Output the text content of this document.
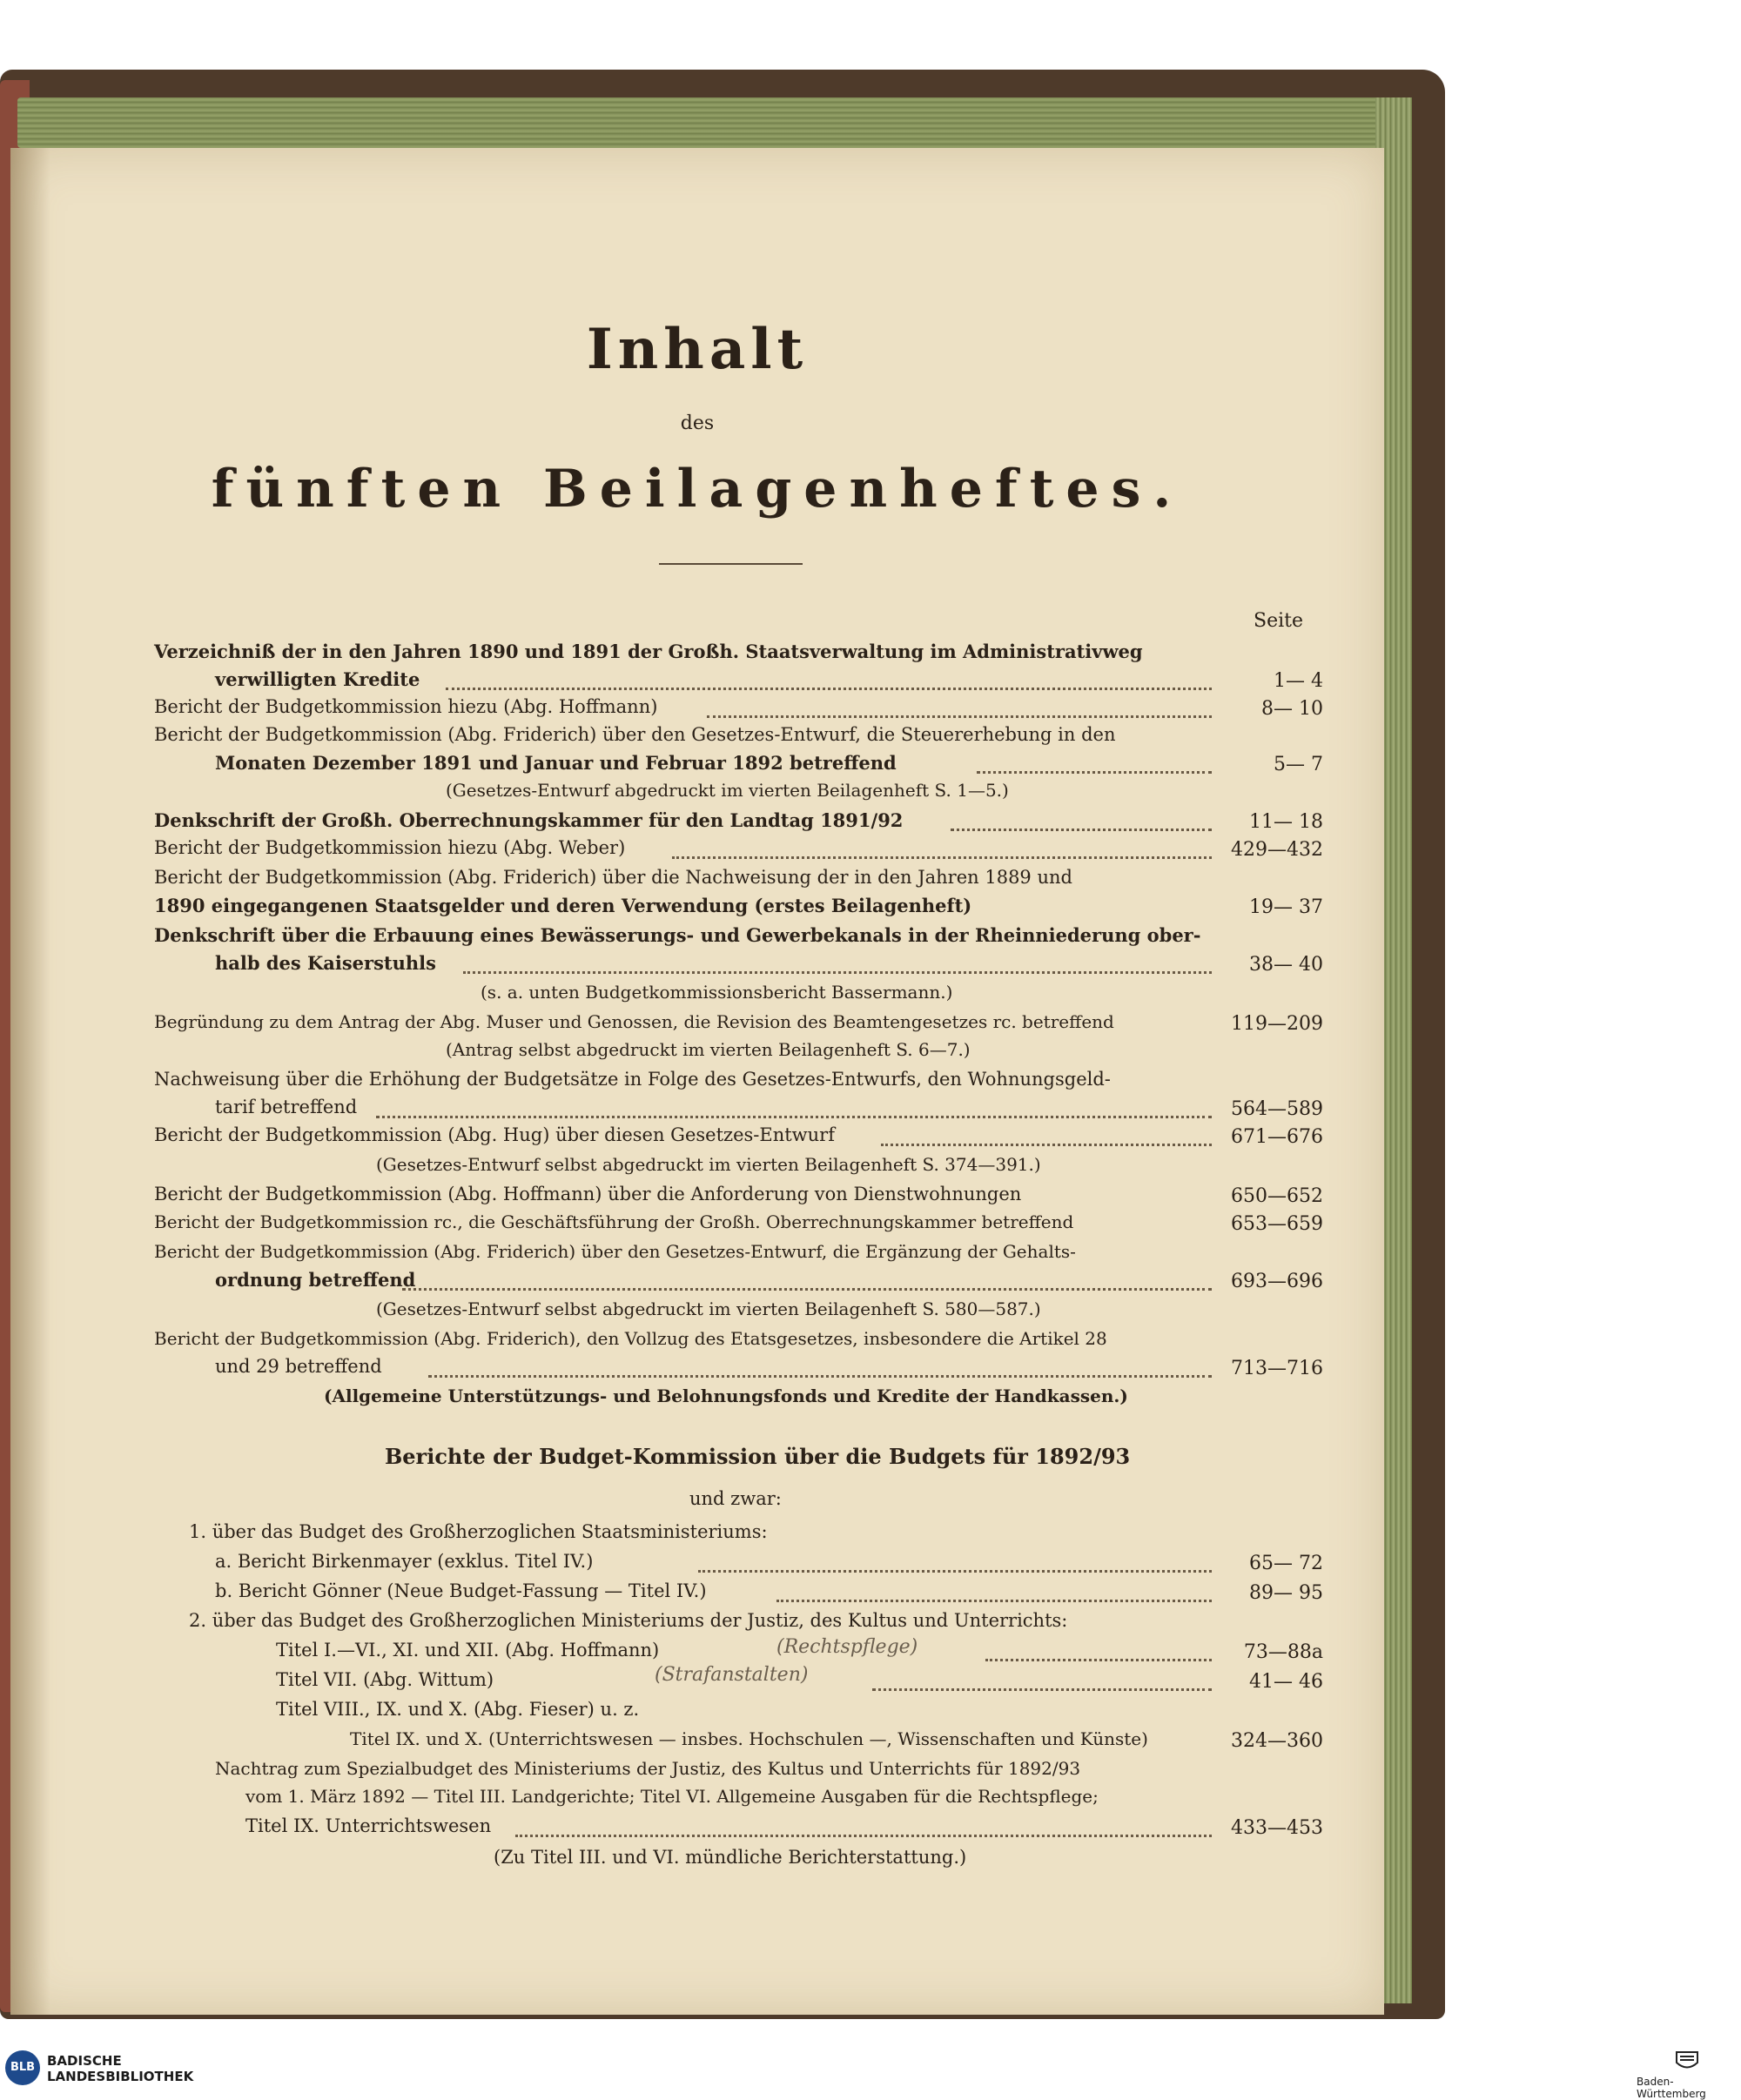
Inhalt
des
fünften Beilagenheftes.
Seite
Verzeichniß der in den Jahren 1890 und 1891 der Großh. Staatsverwaltung im Administrativweg
verwilligten Kredite	1— 4
Bericht der Budgetkommission hiezu (Abg. Hoffmann)	8— 10
Bericht der Budgetkommission (Abg. Friderich) über den Gesetzes-Entwurf, die Steuererhebung in den
Monaten Dezember 1891 und Januar und Februar 1892 betreffend	5— 7
(Gesetzes-Entwurf abgedruckt im vierten Beilagenheft S. 1—5.)
Denkschrift der Großh. Oberrechnungskammer für den Landtag 1891/92	11— 18
Bericht der Budgetkommission hiezu (Abg. Weber)	429—432
Bericht der Budgetkommission (Abg. Friderich) über die Nachweisung der in den Jahren 1889 und
1890 eingegangenen Staatsgelder und deren Verwendung (erstes Beilagenheft)	19— 37
Denkschrift über die Erbauung eines Bewässerungs- und Gewerbekanals in der Rheinniederung ober-
halb des Kaiserstuhls	38— 40
(s. a. unten Budgetkommissionsbericht Bassermann.)
Begründung zu dem Antrag der Abg. Muser und Genossen, die Revision des Beamtengesetzes rc. betreffend	119—209
(Antrag selbst abgedruckt im vierten Beilagenheft S. 6—7.)
Nachweisung über die Erhöhung der Budgetsätze in Folge des Gesetzes-Entwurfs, den Wohnungsgeld-
tarif betreffend	564—589
Bericht der Budgetkommission (Abg. Hug) über diesen Gesetzes-Entwurf	671—676
(Gesetzes-Entwurf selbst abgedruckt im vierten Beilagenheft S. 374—391.)
Bericht der Budgetkommission (Abg. Hoffmann) über die Anforderung von Dienstwohnungen	650—652
Bericht der Budgetkommission rc., die Geschäftsführung der Großh. Oberrechnungskammer betreffend	653—659
Bericht der Budgetkommission (Abg. Friderich) über den Gesetzes-Entwurf, die Ergänzung der Gehalts-
ordnung betreffend	693—696
(Gesetzes-Entwurf selbst abgedruckt im vierten Beilagenheft S. 580—587.)
Bericht der Budgetkommission (Abg. Friderich), den Vollzug des Etatsgesetzes, insbesondere die Artikel 28
und 29 betreffend	713—716
(Allgemeine Unterstützungs- und Belohnungsfonds und Kredite der Handkassen.)
Berichte der Budget-Kommission über die Budgets für 1892/93
und zwar:
1. über das Budget des Großherzoglichen Staatsministeriums:
a. Bericht Birkenmayer (exklus. Titel IV.)	65— 72
b. Bericht Gönner (Neue Budget-Fassung — Titel IV.)	89— 95
2. über das Budget des Großherzoglichen Ministeriums der Justiz, des Kultus und Unterrichts:
Titel I.—VI., XI. und XII. (Abg. Hoffmann)	(Rechtspflege)	73—88a
Titel VII. (Abg. Wittum)	(Strafanstalten)	41— 46
Titel VIII., IX. und X. (Abg. Fieser) u. z.
Titel IX. und X. (Unterrichtswesen — insbes. Hochschulen —, Wissenschaften und Künste)	324—360
Nachtrag zum Spezialbudget des Ministeriums der Justiz, des Kultus und Unterrichts für 1892/93
vom 1. März 1892 — Titel III. Landgerichte; Titel VI. Allgemeine Ausgaben für die Rechtspflege;
Titel IX. Unterrichtswesen	433—453
(Zu Titel III. und VI. mündliche Berichterstattung.)
BLB BADISCHE
LANDESBIBLIOTHEK	Baden-Württemberg
